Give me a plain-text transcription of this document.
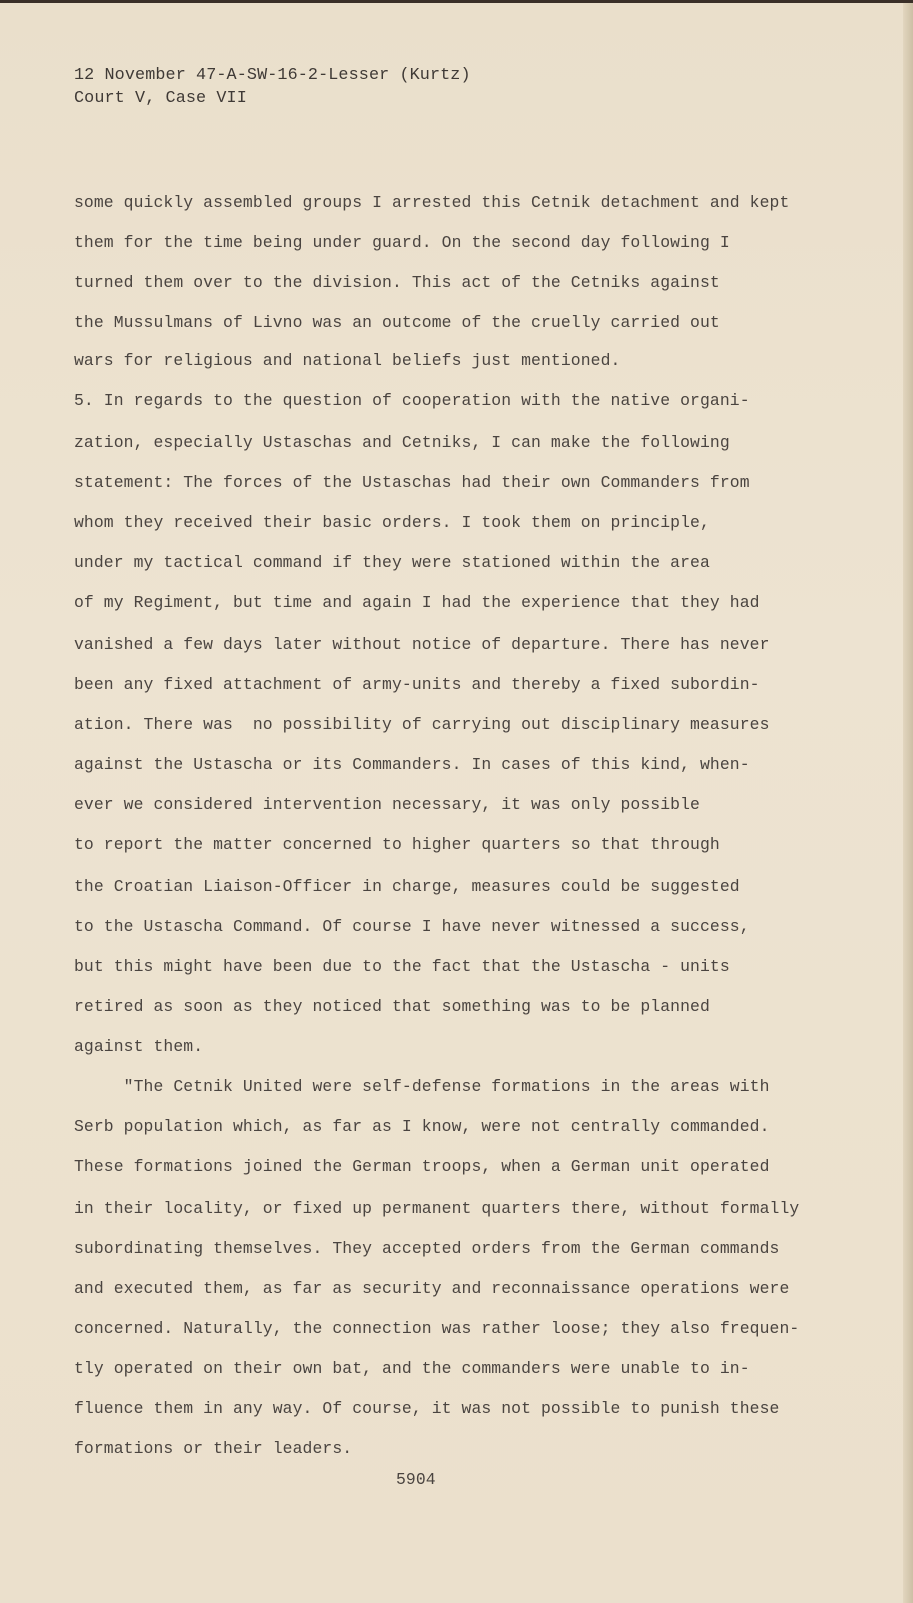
12 November 47-A-SW-16-2-Lesser (Kurtz)
Court V, Case VII
some quickly assembled groups I arrested this Cetnik detachment and kept
them for the time being under guard. On the second day following I
turned them over to the division. This act of the Cetniks against
the Mussulmans of Livno was an outcome of the cruelly carried out
wars for religious and national beliefs just mentioned.
5. In regards to the question of cooperation with the native organi-
zation, especially Ustaschas and Cetniks, I can make the following
statement: The forces of the Ustaschas had their own Commanders from
whom they received their basic orders. I took them on principle,
under my tactical command if they were stationed within the area
of my Regiment, but time and again I had the experience that they had
vanished a few days later without notice of departure. There has never
been any fixed attachment of army-units and thereby a fixed subordin-
ation. There was  no possibility of carrying out disciplinary measures
against the Ustascha or its Commanders. In cases of this kind, when-
ever we considered intervention necessary, it was only possible
to report the matter concerned to higher quarters so that through
the Croatian Liaison-Officer in charge, measures could be suggested
to the Ustascha Command. Of course I have never witnessed a success,
but this might have been due to the fact that the Ustascha - units
retired as soon as they noticed that something was to be planned
against them.
"The Cetnik United were self-defense formations in the areas with
Serb population which, as far as I know, were not centrally commanded.
These formations joined the German troops, when a German unit operated
in their locality, or fixed up permanent quarters there, without formally
subordinating themselves. They accepted orders from the German commands
and executed them, as far as security and reconnaissance operations were
concerned. Naturally, the connection was rather loose; they also frequen-
tly operated on their own bat, and the commanders were unable to in-
fluence them in any way. Of course, it was not possible to punish these
formations or their leaders.
5904
